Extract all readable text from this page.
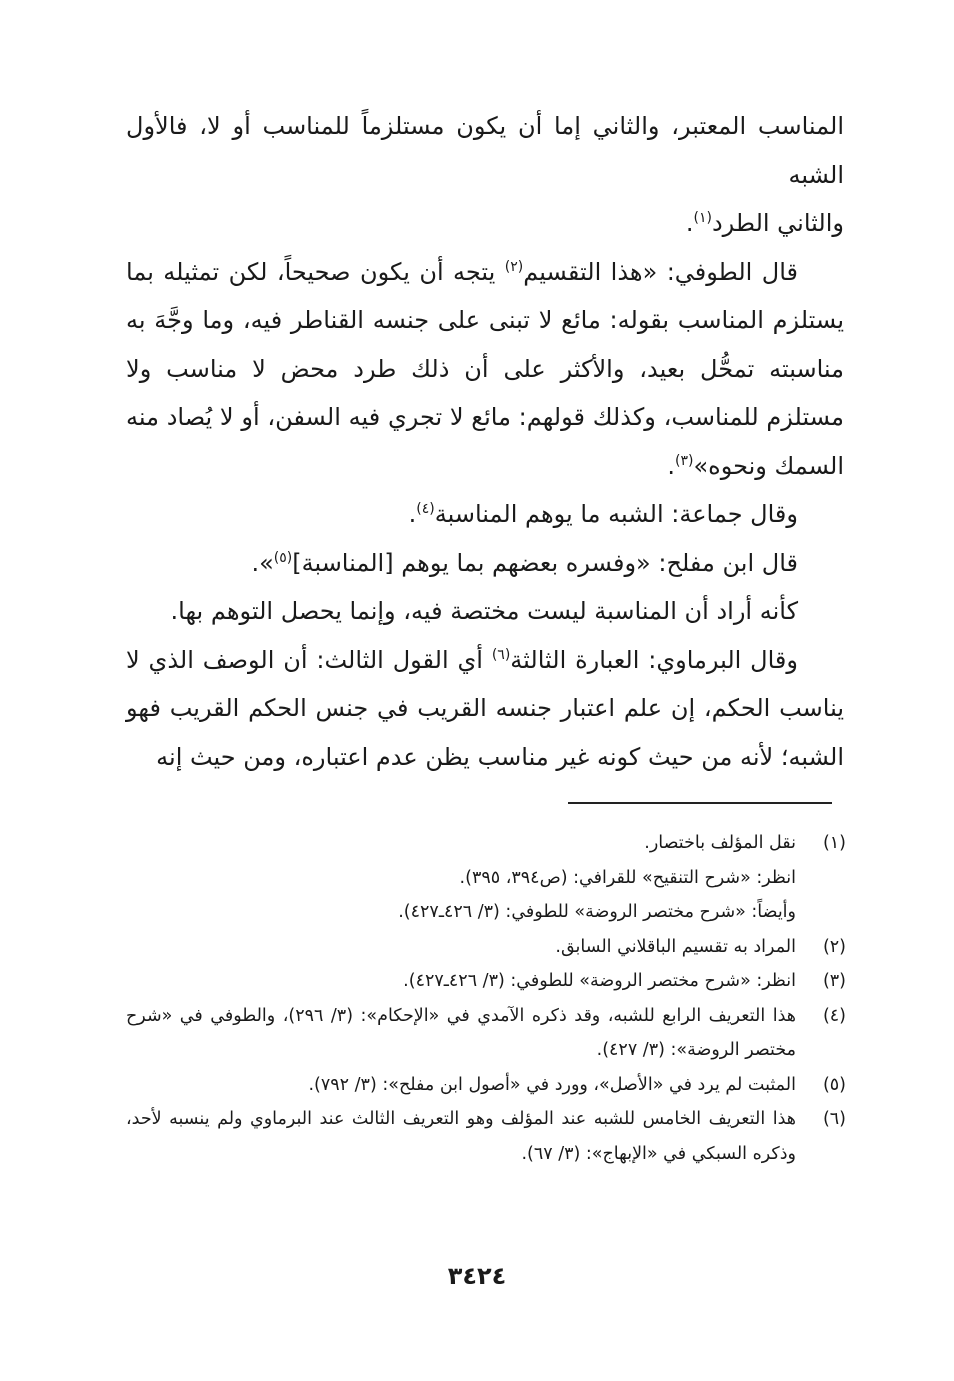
المناسب المعتبر، والثاني إما أن يكون مستلزماً للمناسب أو لا، فالأول الشبه
والثاني الطرد$^{(١)}$.

قال الطوفي: «هذا التقسيم$^{(٢)}$ يتجه أن يكون صحيحاً، لكن تمثيله بما يستلزم المناسب بقوله: مائع لا تبنى على جنسه القناطر فيه، وما وجَّهَ به مناسبته تمحُّل بعيد، والأكثر على أن ذلك طرد محض لا مناسب ولا مستلزم للمناسب، وكذلك قولهم: مائع لا تجري فيه السفن، أو لا يُصاد منه السمك ونحوه»$^{(٣)}$.

وقال جماعة: الشبه ما يوهم المناسبة$^{(٤)}$.

قال ابن مفلح: «وفسره بعضهم بما يوهم [المناسبة]$^{(٥)}$».

كأنه أراد أن المناسبة ليست مختصة فيه، وإنما يحصل التوهم بها.

وقال البرماوي: العبارة الثالثة$^{(٦)}$ أي القول الثالث: أن الوصف الذي لا يناسب الحكم، إن علم اعتبار جنسه القريب في جنس الحكم القريب فهو الشبه؛ لأنه من حيث كونه غير مناسب يظن عدم اعتباره، ومن حيث إنه

(١)
نقل المؤلف باختصار.
انظر: «شرح التنقيح» للقرافي: (ص٣٩٤، ٣٩٥).
وأيضاً: «شرح مختصر الروضة» للطوفي: (٣/ ٤٢٦ـ٤٢٧).
(٢)
المراد به تقسيم الباقلاني السابق.
(٣)
انظر: «شرح مختصر الروضة» للطوفي: (٣/ ٤٢٦ـ٤٢٧).
(٤)
هذا التعريف الرابع للشبه، وقد ذكره الآمدي في «الإحكام»: (٣/ ٢٩٦)، والطوفي في «شرح مختصر الروضة»: (٣/ ٤٢٧).
(٥)
المثبت لم يرد في «الأصل»، وورد في «أصول ابن مفلح»: (٣/ ٧٩٢).
(٦)
هذا التعريف الخامس للشبه عند المؤلف وهو التعريف الثالث عند البرماوي ولم ينسبه لأحد، وذكره السبكي في «الإبهاج»: (٣/ ٦٧).
٣٤٢٤
